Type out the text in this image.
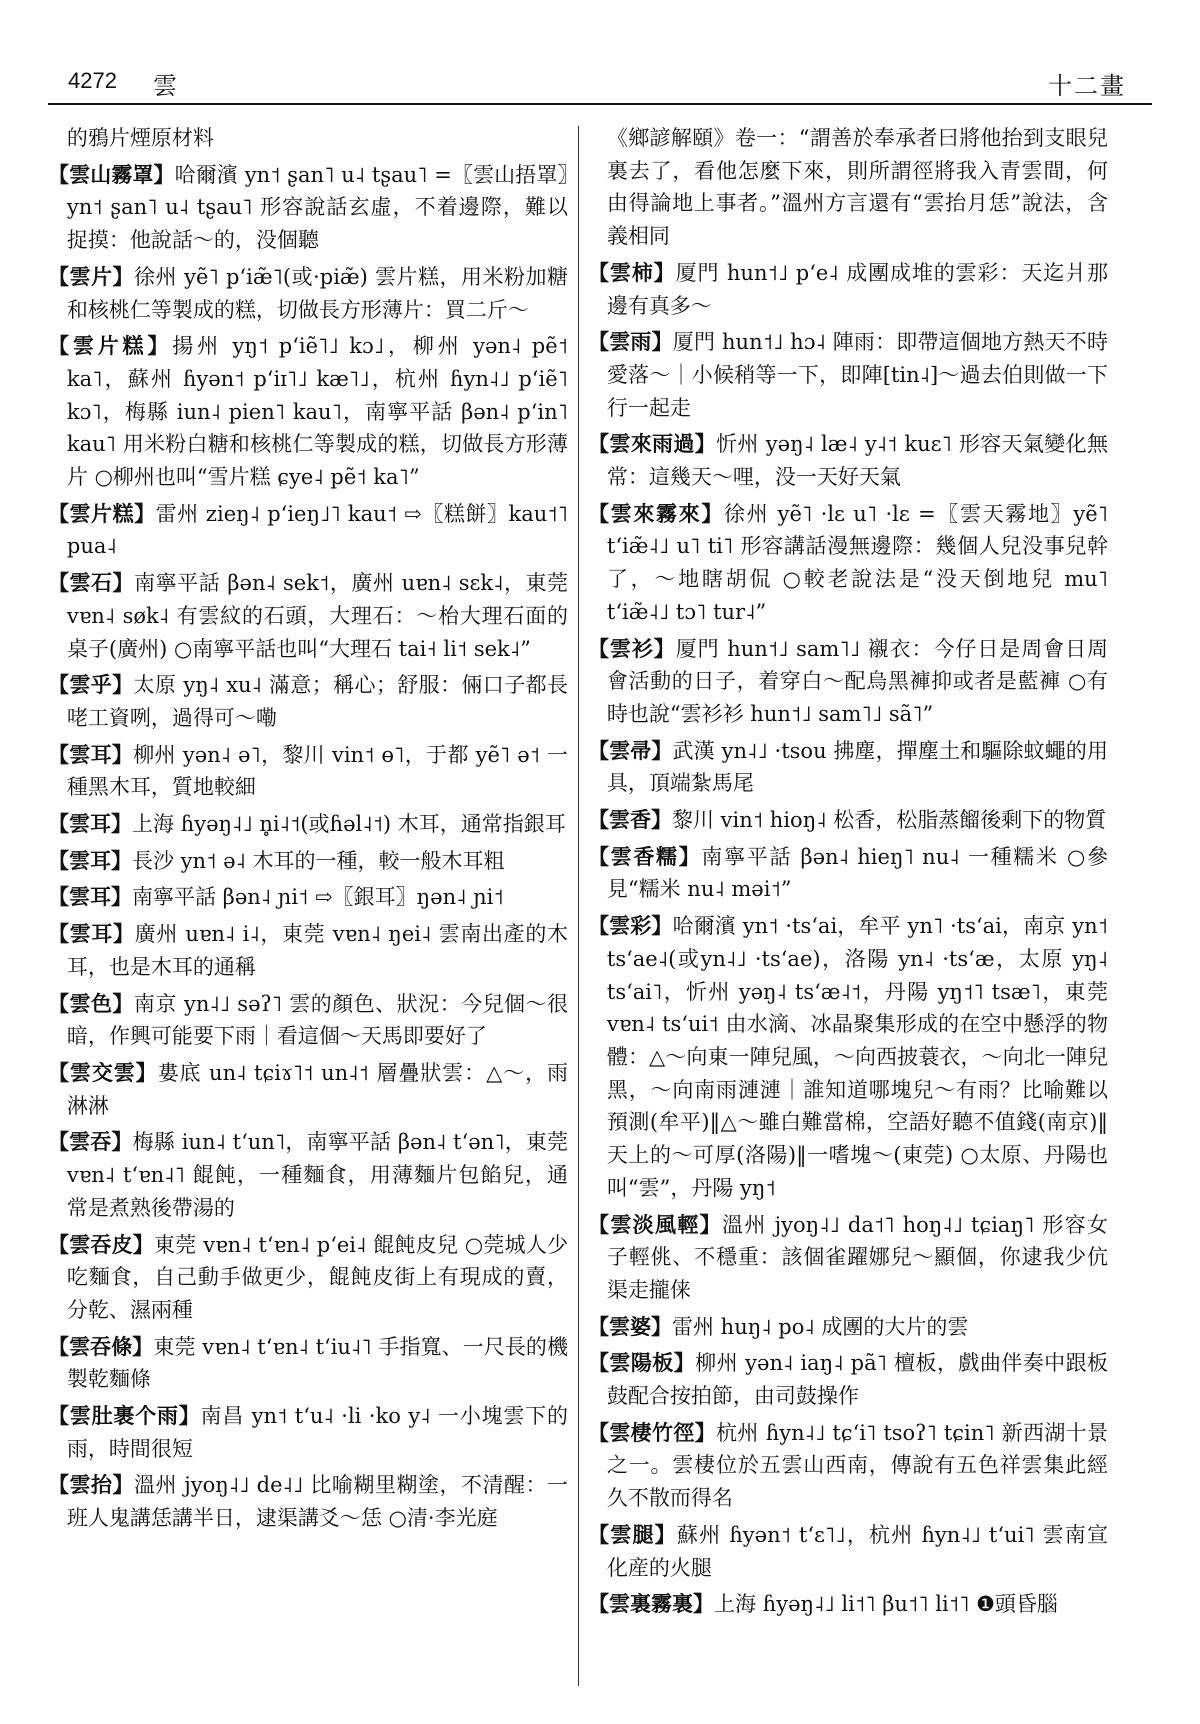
4272 雲	十二畫
的鴉片煙原材料
【雲山霧罩】哈爾濱 yn˦ ʂan˥ u˨ tʂau˥ =〖雲山捂罩〗yn˦ ʂan˥ u˨ tʂau˥ 形容說話玄虛，不着邊際，難以捉摸：他說話～的，没個聽
【雲片】徐州 yẽ˥ pʻiæ̃˥(或·piæ̃) 雲片糕，用米粉加糖和核桃仁等製成的糕，切做長方形薄片：買二斤～
【雲片糕】揚州 yŋ˦ pʻiẽ˥˩ kɔ˩，柳州 yən˨ pẽ˦ ka˥，蘇州 ɦyən˦ pʻiɪ˥˩ kæ˥˩，杭州 ɦyn˨˩ pʻiẽ˥ kɔ˥，梅縣 iun˨ pien˥ kau˥，南寧平話 βən˨ pʻin˥ kau˥ 用米粉白糖和核桃仁等製成的糕，切做長方形薄片 ○柳州也叫“雪片糕 ɕye˨ pẽ˦ ka˥”
【雲片糕】雷州 zieŋ˨ pʻieŋ˩˥ kau˦ ⇨〖糕餅〗kau˦˥ pua˨
【雲石】南寧平話 βən˨ sek˦，廣州 uɐn˨ sɛk˨，東莞 vɐn˨ søk˨ 有雲紋的石頭，大理石：～枱大理石面的桌子(廣州) ○南寧平話也叫“大理石 tai˧ li˦ sek˨”
【雲乎】太原 yŋ˨ xu˨ 滿意；稱心；舒服：倆口子都長咾工資咧，過得可～嘞
【雲耳】柳州 yən˨ ə˥，黎川 vin˦ ɵ˥，于都 yẽ˥ ə˦ 一種黑木耳，質地較細
【雲耳】上海 ɦyəŋ˨˩ n̥i˨˦(或ɦəl˨˦) 木耳，通常指銀耳
【雲耳】長沙 yn˦ ə˨ 木耳的一種，較一般木耳粗
【雲耳】南寧平話 βən˨ ɲi˦ ⇨〖銀耳〗ŋən˨ ɲi˦
【雲耳】廣州 uɐn˨ i˨，東莞 vɐn˨ ŋei˨ 雲南出產的木耳，也是木耳的通稱
【雲色】南京 yn˨˩ səʔ˥ 雲的顏色、狀況：今兒個～很暗，作興可能要下雨｜看這個～天馬即要好了
【雲交雲】婁底 un˨ tɕiɤ˥˦ un˨˦ 層疊狀雲：△～，雨淋淋
【雲吞】梅縣 iun˨ tʻun˥，南寧平話 βən˨ tʻən˥，東莞 vɐn˨ tʻɐn˨˥ 餛飩，一種麵食，用薄麵片包餡兒，通常是煮熟後帶湯的
【雲吞皮】東莞 vɐn˨ tʻɐn˨ pʻei˨ 餛飩皮兒 ○莞城人少吃麵食，自己動手做更少，餛飩皮街上有現成的賣，分乾、濕兩種
【雲吞條】東莞 vɐn˨ tʻɐn˨ tʻiu˨˥ 手指寬、一尺長的機製乾麵條
【雲肚裹个雨】南昌 yn˦ tʻu˨ ·li ·ko y˨ 一小塊雲下的雨，時間很短
【雲抬】溫州 jyoŋ˨˩ de˨˩ 比喻糊里糊塗，不清醒：一班人鬼講恁講半日，逮渠講爻～恁 ○清·李光庭
《鄉諺解頤》卷一：“謂善於奉承者曰將他抬到支眼兒裏去了，看他怎麼下來，則所謂徑將我入青雲間，何由得論地上事者。”溫州方言還有“雲抬月恁”說法，含義相同
【雲柿】厦門 hun˦˩ pʻe˨ 成團成堆的雲彩：天迄爿那邊有真多～
【雲雨】厦門 hun˦˩ hɔ˨ 陣雨：即帶這個地方熱天不時愛落～｜小候稍等一下，即陣[tin˨]～過去伯則做一下行一起走
【雲來雨過】忻州 yəŋ˨ læ˨ y˨˦ kuɛ˥ 形容天氣變化無常：這幾天～哩，没一天好天氣
【雲來霧來】徐州 yẽ˥ ·lɛ u˥ ·lɛ =〖雲天霧地〗yẽ˥ tʻiæ̃˨˩ u˥ ti˥ 形容講話漫無邊際：幾個人兒没事兒幹了，～地瞎胡侃 ○較老說法是“没天倒地兒 mu˥ tʻiæ̃˨˩ tɔ˥ tur˨”
【雲衫】厦門 hun˦˩ sam˥˩ 襯衣：今仔日是周會日周會活動的日子，着穿白～配烏黑褲抑或者是藍褲 ○有時也說“雲衫衫 hun˦˩ sam˥˩ sã˥”
【雲帚】武漢 yn˨˩ ·tsou 拂塵，撣塵土和驅除蚊蠅的用具，頂端紮馬尾
【雲香】黎川 vin˦ hioŋ˨ 松香，松脂蒸餾後剩下的物質
【雲香糯】南寧平話 βən˨ hieŋ˥ nu˨ 一種糯米 ○參見“糯米 nu˨ məi˦”
【雲彩】哈爾濱 yn˦ ·tsʻai，牟平 yn˥ ·tsʻai，南京 yn˦ tsʻae˨(或yn˨˩ ·tsʻae)，洛陽 yn˨ ·tsʻæ，太原 yŋ˨ tsʻai˥，忻州 yəŋ˨ tsʻæ˨˦，丹陽 yŋ˦˥ tsæ˥，東莞 vɐn˨ tsʻui˦ 由水滴、冰晶聚集形成的在空中懸浮的物體：△～向東一陣兒風，～向西披蓑衣，～向北一陣兒黑，～向南雨漣漣｜誰知道哪塊兒～有雨？比喻難以預測(牟平)‖△～雖白難當棉，空語好聽不值錢(南京)‖天上的～可厚(洛陽)‖一嗜塊～(東莞) ○太原、丹陽也叫“雲”，丹陽 yŋ˦
【雲淡風輕】溫州 jyoŋ˨˩ da˦˥ hoŋ˨˩ tɕiaŋ˥ 形容女子輕佻、不穩重：該個雀躍娜兒～顯個，你逮我少伉渠走攏俫
【雲婆】雷州 huŋ˨ po˨ 成團的大片的雲
【雲陽板】柳州 yən˨ iaŋ˨ pã˥ 檀板，戲曲伴奏中跟板鼓配合按拍節，由司鼓操作
【雲棲竹徑】杭州 ɦyn˨˩ tɕʻi˥ tsoʔ˥ tɕin˥ 新西湖十景之一。雲棲位於五雲山西南，傳說有五色祥雲集此經久不散而得名
【雲腿】蘇州 ɦyən˦ tʻɛ˥˩，杭州 ɦyn˨˩ tʻui˥ 雲南宣化産的火腿
【雲裏霧裏】上海 ɦyəŋ˨˩ li˦˥ βu˦˥ li˦˥ ❶頭昏腦
